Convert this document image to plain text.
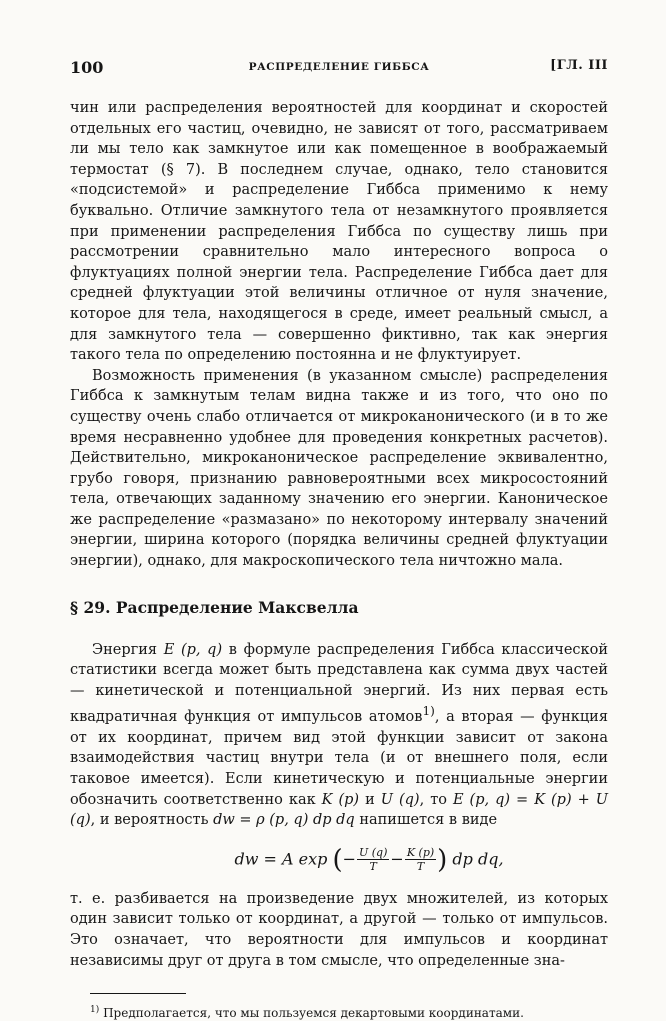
100	РАСПРЕДЕЛЕНИЕ ГИББСА	[ГЛ. III

чин или распределения вероятностей для координат и скоростей отдельных его частиц, очевидно, не зависят от того, рассматриваем ли мы тело как замкнутое или как помещенное в воображаемый термостат (§ 7). В последнем случае, однако, тело становится «подсистемой» и распределение Гиббса применимо к нему буквально. Отличие замкнутого тела от незамкнутого проявляется при применении распределения Гиббса по существу лишь при рассмотрении сравнительно мало интересного вопроса о флуктуациях полной энергии тела. Распределение Гиббса дает для средней флуктуации этой величины отличное от нуля значение, которое для тела, находящегося в среде, имеет реальный смысл, а для замкнутого тела — совершенно фиктивно, так как энергия такого тела по определению постоянна и не флуктуирует.

Возможность применения (в указанном смысле) распределения Гиббса к замкнутым телам видна также и из того, что оно по существу очень слабо отличается от микроканонического (и в то же время несравненно удобнее для проведения конкретных расчетов). Действительно, микроканоническое распределение эквивалентно, грубо говоря, признанию равновероятными всех микросостояний тела, отвечающих заданному значению его энергии. Каноническое же распределение «размазано» по некоторому интервалу значений энергии, ширина которого (порядка величины средней флуктуации энергии), однако, для макроскопического тела ничтожно мала.

§ 29. Распределение Максвелла

Энергия E (p, q) в формуле распределения Гиббса классической статистики всегда может быть представлена как сумма двух частей — кинетической и потенциальной энергий. Из них первая есть квадратичная функция от импульсов атомов$^{1)}$, а вторая — функция от их координат, причем вид этой функции зависит от закона взаимодействия частиц внутри тела (и от внешнего поля, если таковое имеется). Если кинетическую и потенциальные энергии обозначить соответственно как K (p) и U (q), то E (p, q) = K (p) + U (q), и вероятность dw = ρ (p, q) dp dq напишется в виде

dw = A exp (− $\frac{U (q)}{T} - \frac{K (p)}{T}$ ) dp dq,

т. е. разбивается на произведение двух множителей, из которых один зависит только от координат, а другой — только от импульсов. Это означает, что вероятности для импульсов и координат независимы друг от друга в том смысле, что определенные зна-

$^{1)}$ Предполагается, что мы пользуемся декартовыми координатами.
